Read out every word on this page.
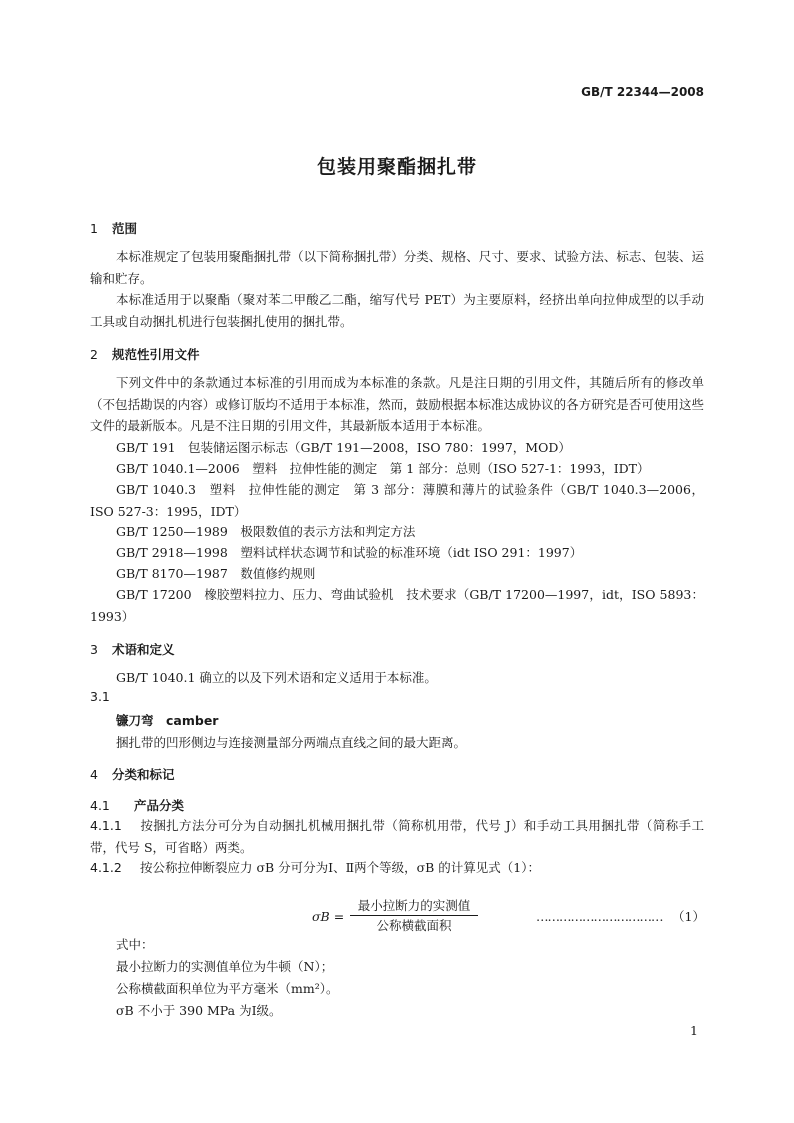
GB/T 22344—2008
包装用聚酯捆扎带
1 范围
本标准规定了包装用聚酯捆扎带（以下简称捆扎带）分类、规格、尺寸、要求、试验方法、标志、包装、运输和贮存。
本标准适用于以聚酯（聚对苯二甲酸乙二酯，缩写代号 PET）为主要原料，经挤出单向拉伸成型的以手动工具或自动捆扎机进行包装捆扎使用的捆扎带。
2 规范性引用文件
下列文件中的条款通过本标准的引用而成为本标准的条款。凡是注日期的引用文件，其随后所有的修改单（不包括勘误的内容）或修订版均不适用于本标准，然而，鼓励根据本标准达成协议的各方研究是否可使用这些文件的最新版本。凡是不注日期的引用文件，其最新版本适用于本标准。
GB/T 191　包装储运图示标志（GB/T 191—2008，ISO 780：1997，MOD）
GB/T 1040.1—2006　塑料　拉伸性能的测定　第 1 部分：总则（ISO 527-1：1993，IDT）
GB/T 1040.3　塑料　拉伸性能的测定　第 3 部分：薄膜和薄片的试验条件（GB/T 1040.3—2006，ISO 527-3：1995，IDT）
GB/T 1250—1989　极限数值的表示方法和判定方法
GB/T 2918—1998　塑料试样状态调节和试验的标准环境（idt ISO 291：1997）
GB/T 8170—1987　数值修约规则
GB/T 17200　橡胶塑料拉力、压力、弯曲试验机　技术要求（GB/T 17200—1997，idt，ISO 5893：1993）
3 术语和定义
GB/T 1040.1 确立的以及下列术语和定义适用于本标准。
3.1
镰刀弯　camber
捆扎带的凹形侧边与连接测量部分两端点直线之间的最大距离。
4 分类和标记
4.1 产品分类
4.1.1 按捆扎方法分可分为自动捆扎机械用捆扎带（简称机用带，代号 J）和手动工具用捆扎带（简称手工带，代号 S，可省略）两类。
4.1.2 按公称拉伸断裂应力 σB 分可分为Ⅰ、Ⅱ两个等级，σB 的计算见式（1）：
σB =
最小拉断力的实测值
公称横截面积
…………………………… （1）
式中：
最小拉断力的实测值单位为牛顿（N）；
公称横截面积单位为平方毫米（mm²）。
σB 不小于 390 MPa 为Ⅰ级。
1
